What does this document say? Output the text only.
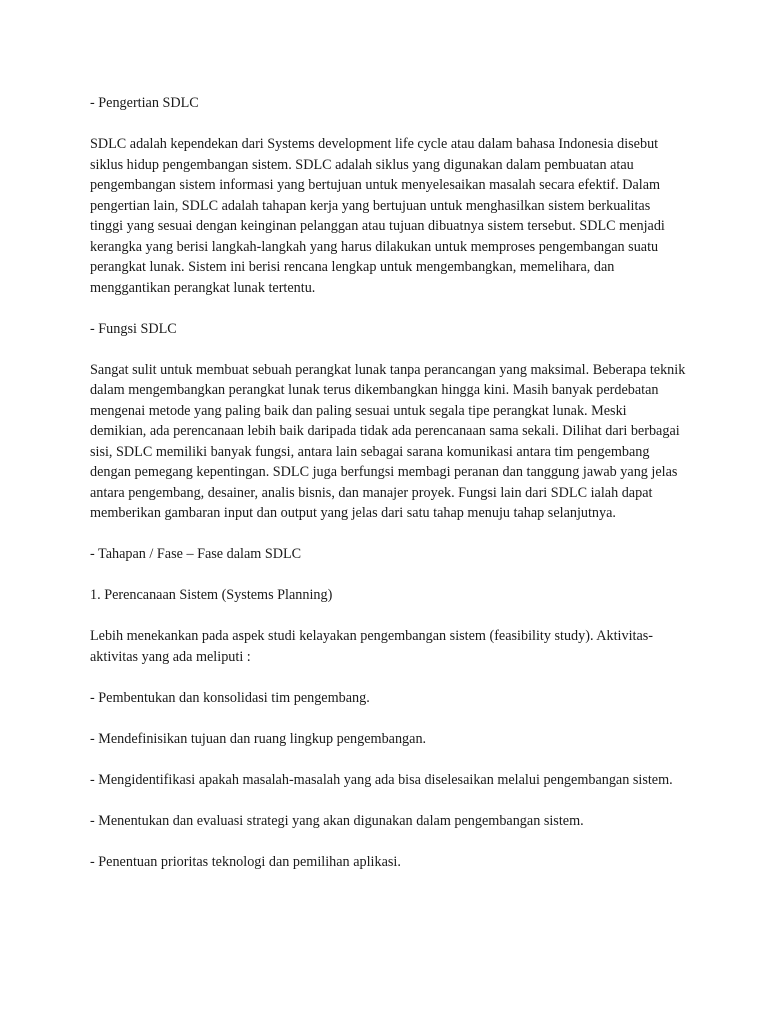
- Pengertian SDLC

SDLC adalah kependekan dari Systems development life cycle atau dalam bahasa Indonesia disebut siklus hidup pengembangan sistem. SDLC adalah siklus yang digunakan dalam pembuatan atau pengembangan sistem informasi yang bertujuan untuk menyelesaikan masalah secara efektif. Dalam pengertian lain, SDLC adalah tahapan kerja yang bertujuan untuk menghasilkan sistem berkualitas tinggi yang sesuai dengan keinginan pelanggan atau tujuan dibuatnya sistem tersebut. SDLC menjadi kerangka yang berisi langkah-langkah yang harus dilakukan untuk memproses pengembangan suatu perangkat lunak. Sistem ini berisi rencana lengkap untuk mengembangkan, memelihara, dan menggantikan perangkat lunak tertentu.

- Fungsi SDLC

Sangat sulit untuk membuat sebuah perangkat lunak tanpa perancangan yang maksimal. Beberapa teknik dalam mengembangkan perangkat lunak terus dikembangkan hingga kini. Masih banyak perdebatan mengenai metode yang paling baik dan paling sesuai untuk segala tipe perangkat lunak. Meski demikian, ada perencanaan lebih baik daripada tidak ada perencanaan sama sekali. Dilihat dari berbagai sisi, SDLC memiliki banyak fungsi, antara lain sebagai sarana komunikasi antara tim pengembang dengan pemegang kepentingan. SDLC juga berfungsi membagi peranan dan tanggung jawab yang jelas antara pengembang, desainer, analis bisnis, dan manajer proyek. Fungsi lain dari SDLC ialah dapat memberikan gambaran input dan output yang jelas dari satu tahap menuju tahap selanjutnya.

- Tahapan / Fase – Fase dalam SDLC

1. Perencanaan Sistem (Systems Planning)

Lebih menekankan pada aspek studi kelayakan pengembangan sistem (feasibility study). Aktivitas-aktivitas yang ada meliputi :

- Pembentukan dan konsolidasi tim pengembang.

- Mendefinisikan tujuan dan ruang lingkup pengembangan.

- Mengidentifikasi apakah masalah-masalah yang ada bisa diselesaikan melalui pengembangan sistem.

- Menentukan dan evaluasi strategi yang akan digunakan dalam pengembangan sistem.

- Penentuan prioritas teknologi dan pemilihan aplikasi.
